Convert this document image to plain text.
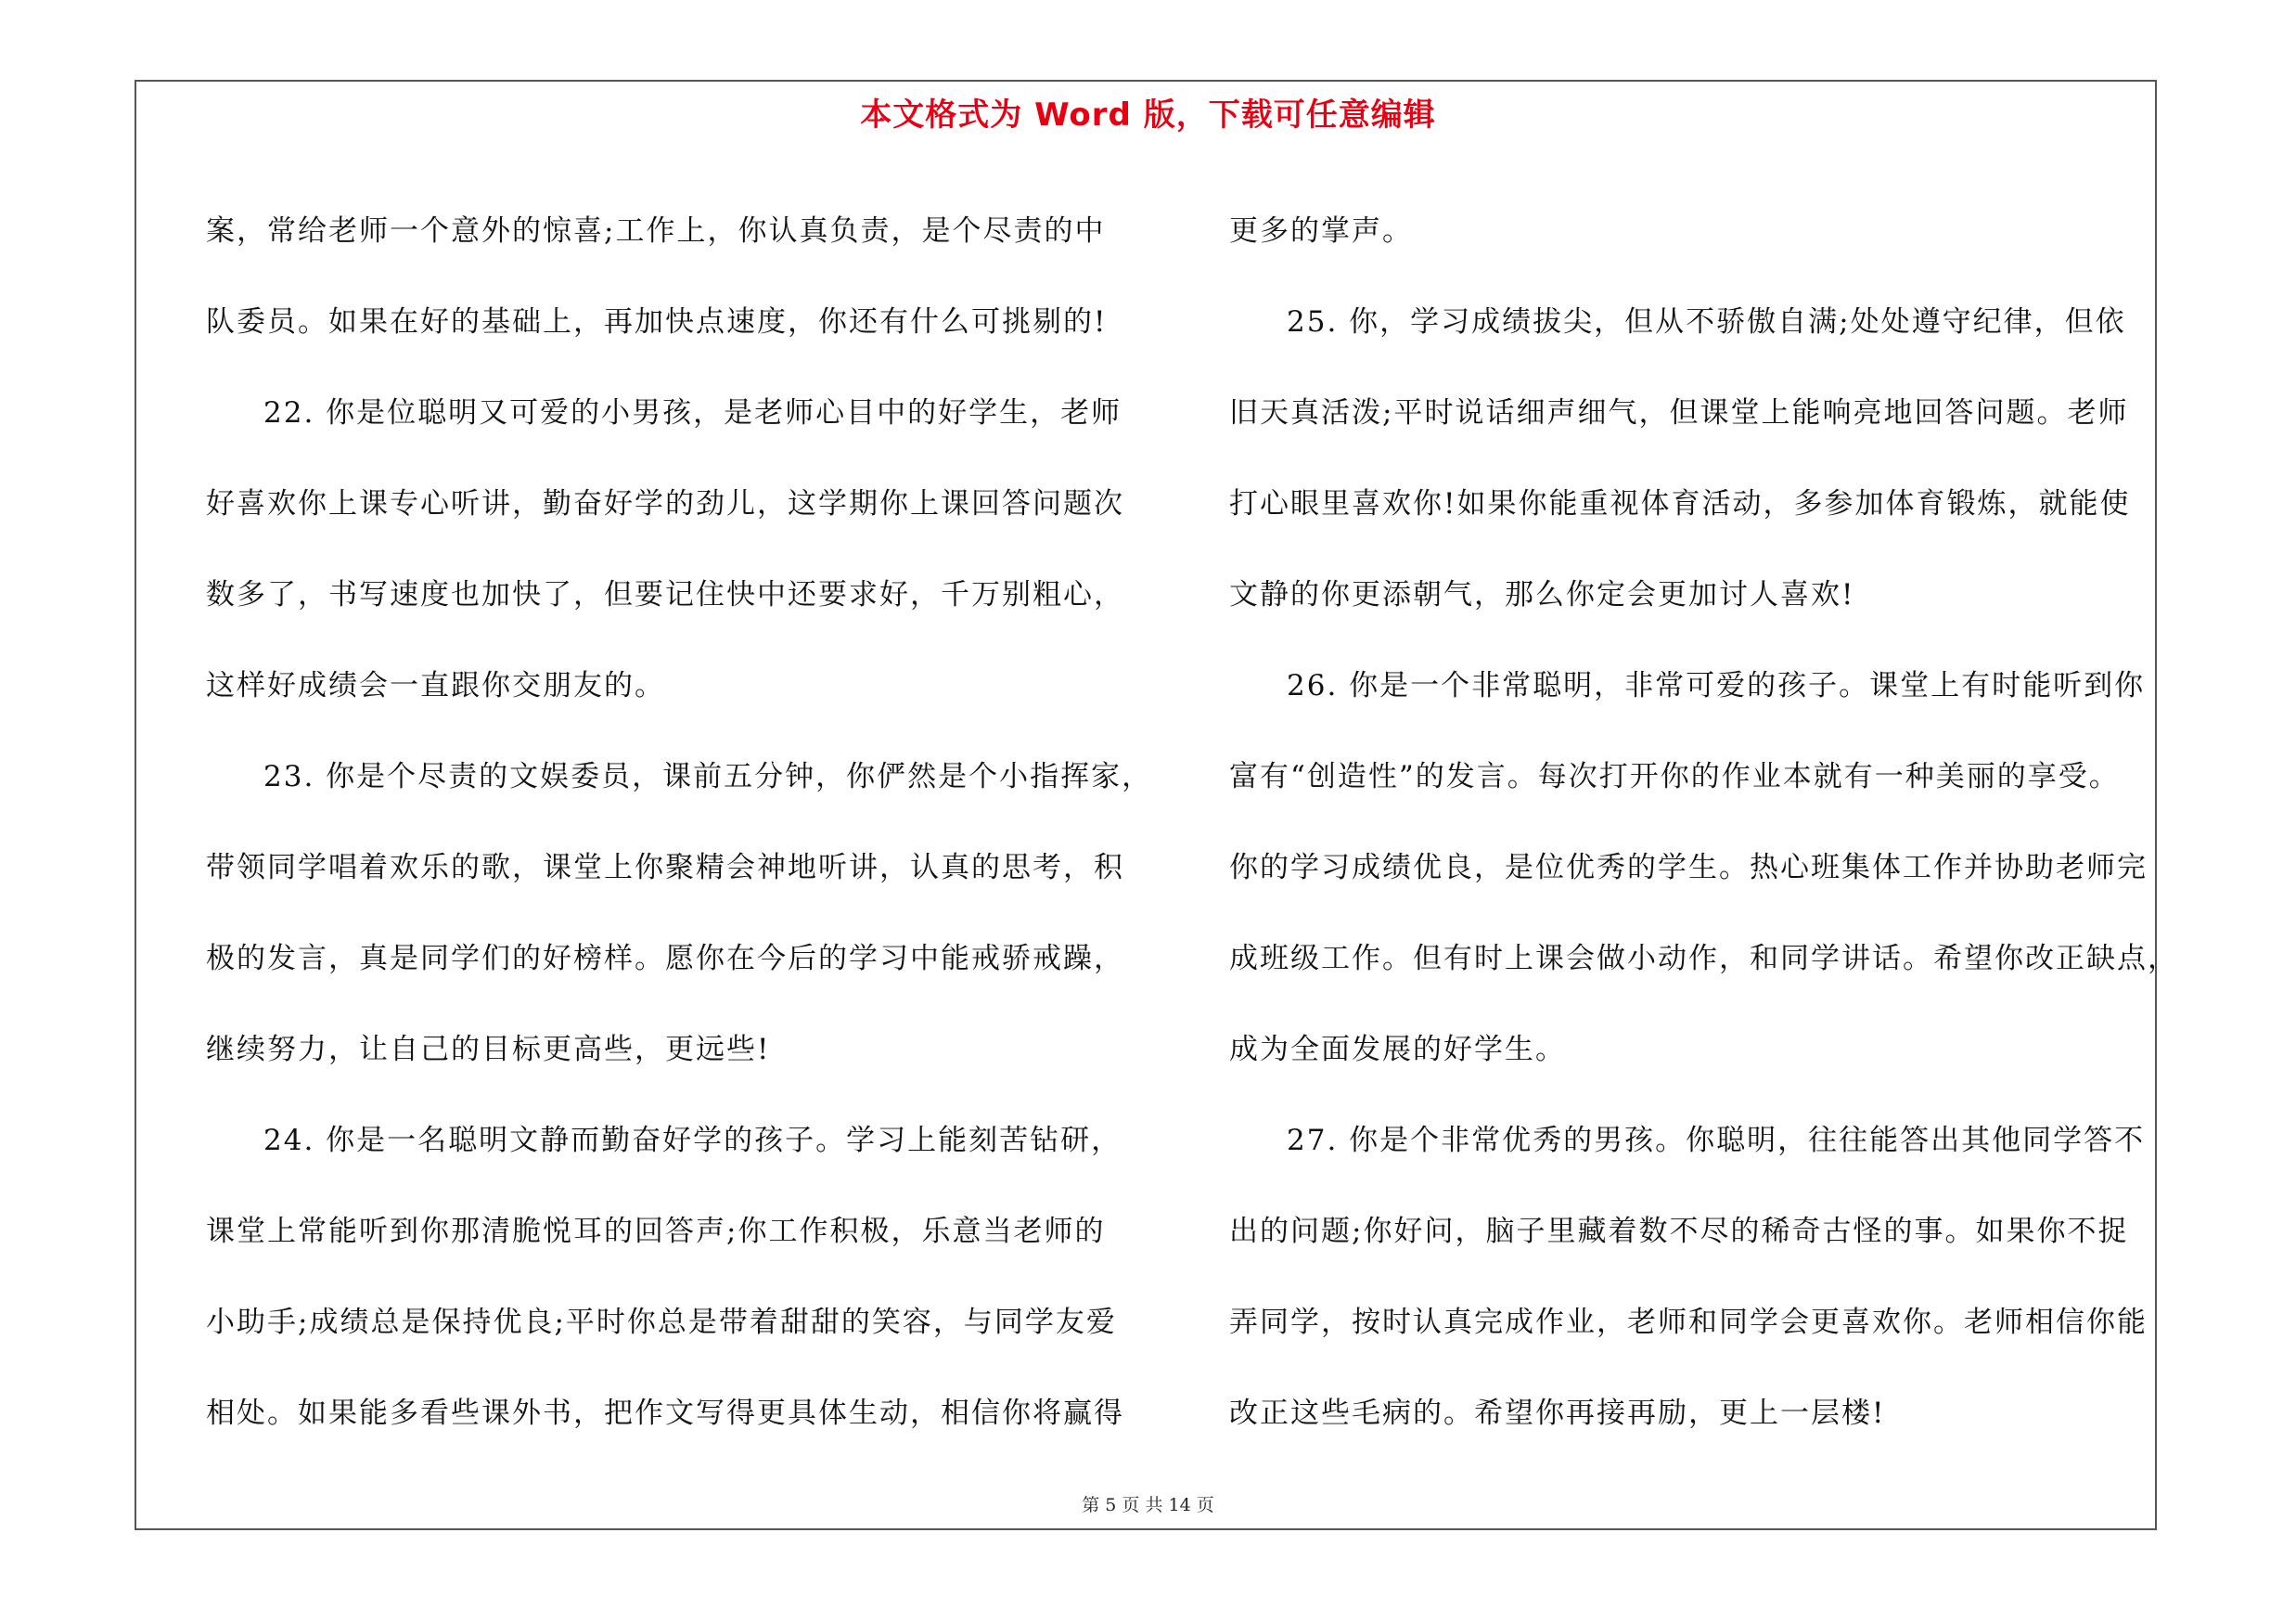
本文格式为 Word 版，下载可任意编辑
案，常给老师一个意外的惊喜;工作上，你认真负责，是个尽责的中
队委员。如果在好的基础上，再加快点速度，你还有什么可挑剔的!
22. 你是位聪明又可爱的小男孩，是老师心目中的好学生，老师
好喜欢你上课专心听讲，勤奋好学的劲儿，这学期你上课回答问题次
数多了，书写速度也加快了，但要记住快中还要求好，千万别粗心，
这样好成绩会一直跟你交朋友的。
23. 你是个尽责的文娱委员，课前五分钟，你俨然是个小指挥家，
带领同学唱着欢乐的歌，课堂上你聚精会神地听讲，认真的思考，积
极的发言，真是同学们的好榜样。愿你在今后的学习中能戒骄戒躁，
继续努力，让自己的目标更高些，更远些!
24. 你是一名聪明文静而勤奋好学的孩子。学习上能刻苦钻研，
课堂上常能听到你那清脆悦耳的回答声;你工作积极，乐意当老师的
小助手;成绩总是保持优良;平时你总是带着甜甜的笑容，与同学友爱
相处。如果能多看些课外书，把作文写得更具体生动，相信你将赢得
更多的掌声。
25. 你，学习成绩拔尖，但从不骄傲自满;处处遵守纪律，但依
旧天真活泼;平时说话细声细气，但课堂上能响亮地回答问题。老师
打心眼里喜欢你!如果你能重视体育活动，多参加体育锻炼，就能使
文静的你更添朝气，那么你定会更加讨人喜欢!
26. 你是一个非常聪明，非常可爱的孩子。课堂上有时能听到你
富有“创造性”的发言。每次打开你的作业本就有一种美丽的享受。
你的学习成绩优良，是位优秀的学生。热心班集体工作并协助老师完
成班级工作。但有时上课会做小动作，和同学讲话。希望你改正缺点，
成为全面发展的好学生。
27. 你是个非常优秀的男孩。你聪明，往往能答出其他同学答不
出的问题;你好问，脑子里藏着数不尽的稀奇古怪的事。如果你不捉
弄同学，按时认真完成作业，老师和同学会更喜欢你。老师相信你能
改正这些毛病的。希望你再接再励，更上一层楼!
第 5 页 共 14 页
